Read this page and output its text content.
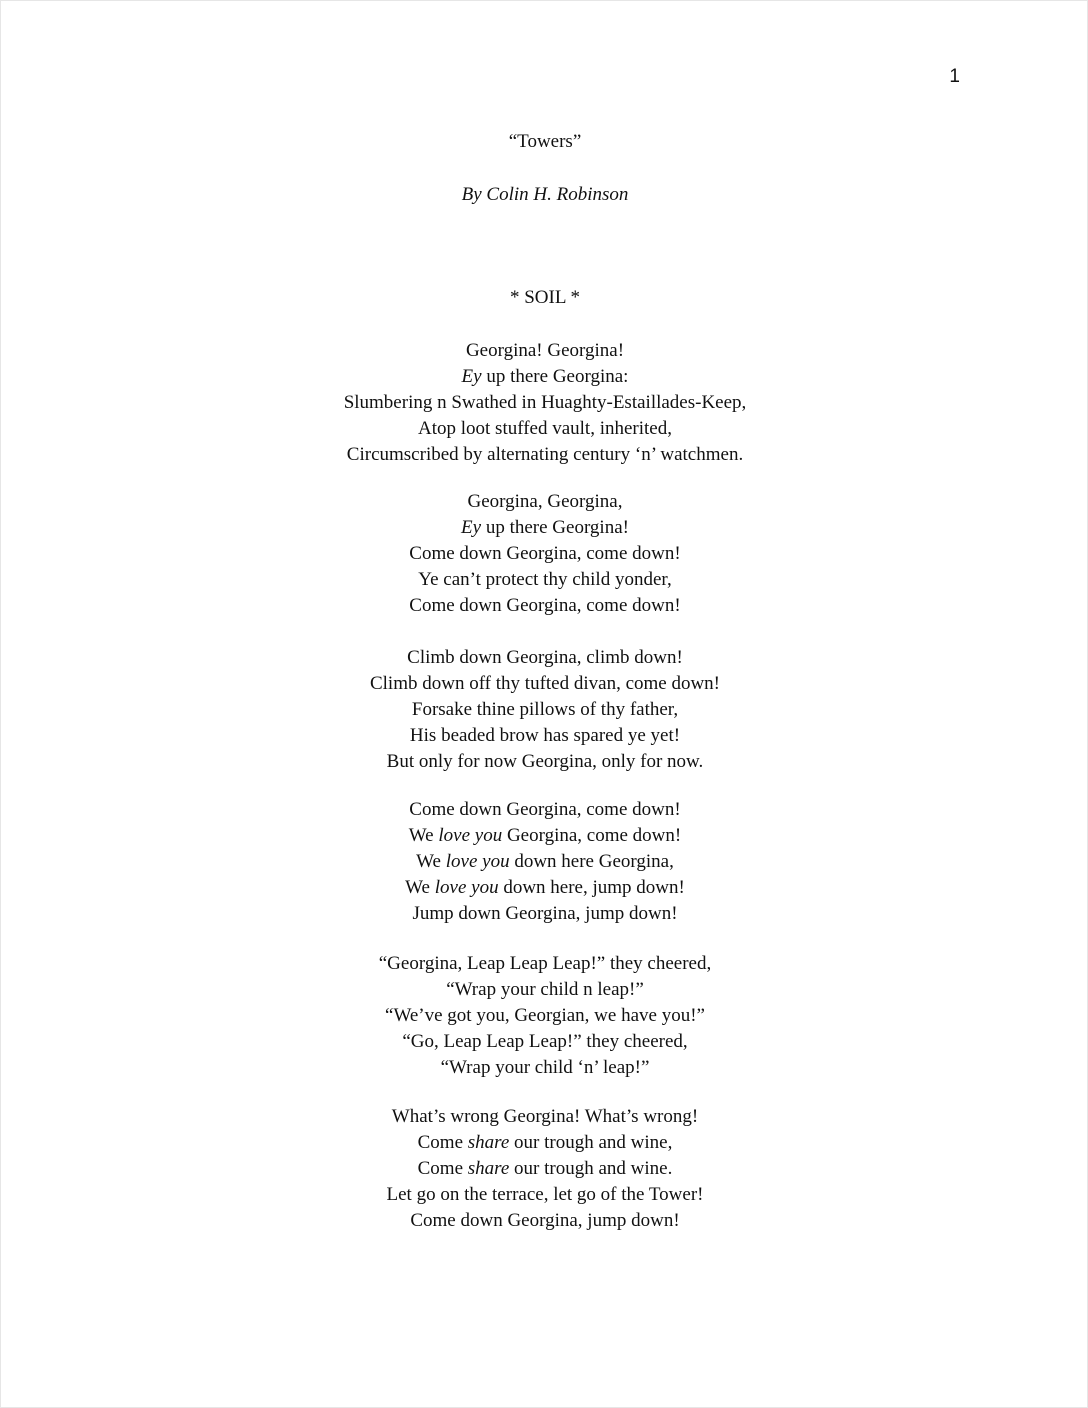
1
“Towers”
By Colin H. Robinson
* SOIL *
Georgina! Georgina!
Ey up there Georgina:
Slumbering n Swathed in Huaghty-Estaillades-Keep,
Atop loot stuffed vault, inherited,
Circumscribed by alternating century ‘n’ watchmen.
Georgina, Georgina,
Ey up there Georgina!
Come down Georgina, come down!
Ye can’t protect thy child yonder,
Come down Georgina, come down!
Climb down Georgina, climb down!
Climb down off thy tufted divan, come down!
Forsake thine pillows of thy father,
His beaded brow has spared ye yet!
But only for now Georgina, only for now.
Come down Georgina, come down!
We love you Georgina, come down!
We love you down here Georgina,
We love you down here, jump down!
Jump down Georgina, jump down!
“Georgina, Leap Leap Leap!” they cheered,
“Wrap your child n leap!”
“We’ve got you, Georgian, we have you!”
“Go, Leap Leap Leap!” they cheered,
“Wrap your child ‘n’ leap!”
What’s wrong Georgina! What’s wrong!
Come share our trough and wine,
Come share our trough and wine.
Let go on the terrace, let go of the Tower!
Come down Georgina, jump down!
